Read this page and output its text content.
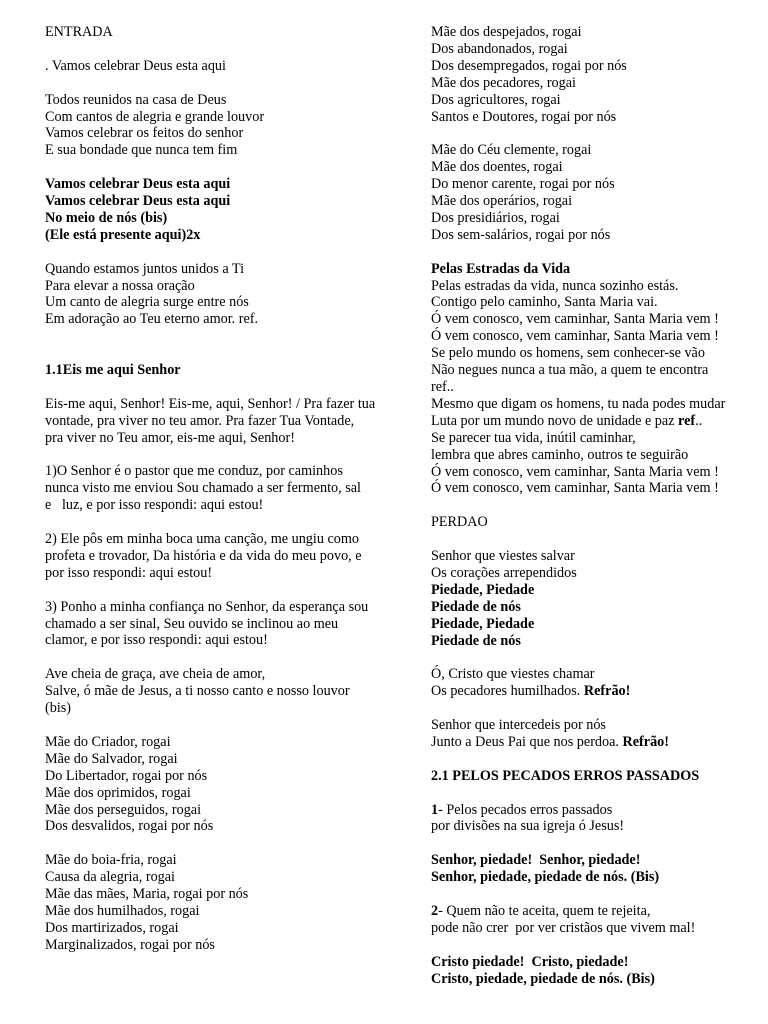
ENTRADA
. Vamos celebrar Deus esta aqui
Todos reunidos na casa de Deus
Com cantos de alegria e grande louvor
Vamos celebrar os feitos do senhor
E sua bondade que nunca tem fim
Vamos celebrar Deus esta aqui
Vamos celebrar Deus esta aqui
No meio de nós (bis)
(Ele está presente aqui)2x
Quando estamos juntos unidos a Ti
Para elevar a nossa oração
Um canto de alegria surge entre nós
Em adoração ao Teu eterno amor. ref.
1.1Eis me aqui Senhor
Eis-me aqui, Senhor! Eis-me, aqui, Senhor! / Pra fazer tua
vontade, pra viver no teu amor. Pra fazer Tua Vontade,
pra viver no Teu amor, eis-me aqui, Senhor!
1)O Senhor é o pastor que me conduz, por caminhos
nunca visto me enviou Sou chamado a ser fermento, sal
e   luz, e por isso respondi: aqui estou!
2) Ele pôs em minha boca uma canção, me ungiu como
profeta e trovador, Da história e da vida do meu povo, e
por isso respondi: aqui estou!
3) Ponho a minha confiança no Senhor, da esperança sou
chamado a ser sinal, Seu ouvido se inclinou ao meu
clamor, e por isso respondi: aqui estou!
Ave cheia de graça, ave cheia de amor,
Salve, ó mãe de Jesus, a ti nosso canto e nosso louvor
(bis)
Mãe do Criador, rogai
Mãe do Salvador, rogai
Do Libertador, rogai por nós
Mãe dos oprimidos, rogai
Mãe dos perseguidos, rogai
Dos desvalidos, rogai por nós
Mãe do boia-fria, rogai
Causa da alegria, rogai
Mãe das mães, Maria, rogai por nós
Mãe dos humilhados, rogai
Dos martirizados, rogai
Marginalizados, rogai por nós
Mãe dos despejados, rogai
Dos abandonados, rogai
Dos desempregados, rogai por nós
Mãe dos pecadores, rogai
Dos agricultores, rogai
Santos e Doutores, rogai por nós
Mãe do Céu clemente, rogai
Mãe dos doentes, rogai
Do menor carente, rogai por nós
Mãe dos operários, rogai
Dos presidiários, rogai
Dos sem-salários, rogai por nós
Pelas Estradas da Vida
Pelas estradas da vida, nunca sozinho estás.
Contigo pelo caminho, Santa Maria vai.
Ó vem conosco, vem caminhar, Santa Maria vem !
Ó vem conosco, vem caminhar, Santa Maria vem !
Se pelo mundo os homens, sem conhecer-se vão
Não negues nunca a tua mão, a quem te encontra
ref..
Mesmo que digam os homens, tu nada podes mudar
Luta por um mundo novo de unidade e paz ref..
Se parecer tua vida, inútil caminhar,
lembra que abres caminho, outros te seguirão
Ó vem conosco, vem caminhar, Santa Maria vem !
Ó vem conosco, vem caminhar, Santa Maria vem !
PERDAO
Senhor que viestes salvar
Os corações arrependidos
Piedade, Piedade
Piedade de nós
Piedade, Piedade
Piedade de nós
Ó, Cristo que viestes chamar
Os pecadores humilhados. Refrão!
Senhor que intercedeis por nós
Junto a Deus Pai que nos perdoa. Refrão!
2.1 PELOS PECADOS ERROS PASSADOS
1- Pelos pecados erros passados
por divisões na sua igreja ó Jesus!
Senhor, piedade!  Senhor, piedade!
Senhor, piedade, piedade de nós. (Bis)
2- Quem não te aceita, quem te rejeita,
pode não crer  por ver cristãos que vivem mal!
Cristo piedade!  Cristo, piedade!
Cristo, piedade, piedade de nós. (Bis)
